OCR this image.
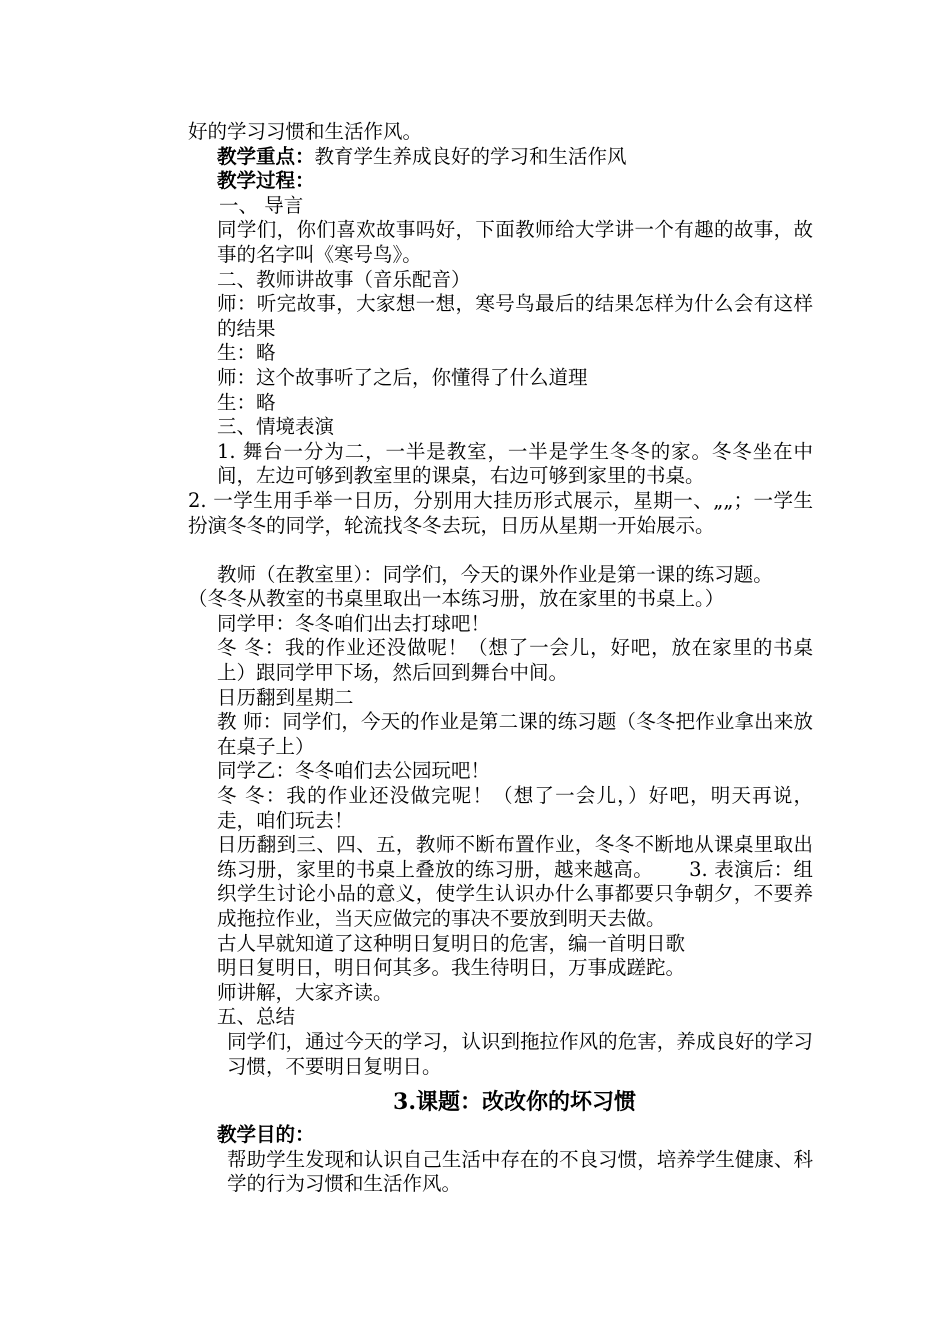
好的学习习惯和生活作风。
教学重点：教育学生养成良好的学习和生活作风
教学过程：
一、 导言
同学们，你们喜欢故事吗好，下面教师给大学讲一个有趣的故事，故事的名字叫《寒号鸟》。
二、教师讲故事（音乐配音）
师：听完故事，大家想一想，寒号鸟最后的结果怎样为什么会有这样的结果
生：略
师：这个故事听了之后，你懂得了什么道理
生：略
三、情境表演
1. 舞台一分为二，一半是教室，一半是学生冬冬的家。冬冬坐在中间，左边可够到教室里的课桌，右边可够到家里的书桌。
2. 一学生用手举一日历，分别用大挂历形式展示，星期一、„„；一学生扮演冬冬的同学，轮流找冬冬去玩，日历从星期一开始展示。
教师（在教室里）：同学们，今天的课外作业是第一课的练习题。
（冬冬从教室的书桌里取出一本练习册，放在家里的书桌上。）
同学甲：冬冬咱们出去打球吧！
冬 冬：我的作业还没做呢！（想了一会儿，好吧，放在家里的书桌上）跟同学甲下场，然后回到舞台中间。
日历翻到星期二
教 师：同学们，今天的作业是第二课的练习题（冬冬把作业拿出来放在桌子上）
同学乙：冬冬咱们去公园玩吧！
冬 冬：我的作业还没做完呢！（想了一会儿，）好吧，明天再说，走，咱们玩去！
日历翻到三、四、五，教师不断布置作业，冬冬不断地从课桌里取出练习册，家里的书桌上叠放的练习册，越来越高。 3. 表演后：组织学生讨论小品的意义，使学生认识办什么事都要只争朝夕，不要养成拖拉作业，当天应做完的事决不要放到明天去做。
古人早就知道了这种明日复明日的危害，编一首明日歌
明日复明日，明日何其多。我生待明日，万事成蹉跎。
师讲解，大家齐读。
五、总结
同学们，通过今天的学习，认识到拖拉作风的危害，养成良好的学习习惯，不要明日复明日。
3.课题：改改你的坏习惯
教学目的：
帮助学生发现和认识自己生活中存在的不良习惯，培养学生健康、科学的行为习惯和生活作风。
